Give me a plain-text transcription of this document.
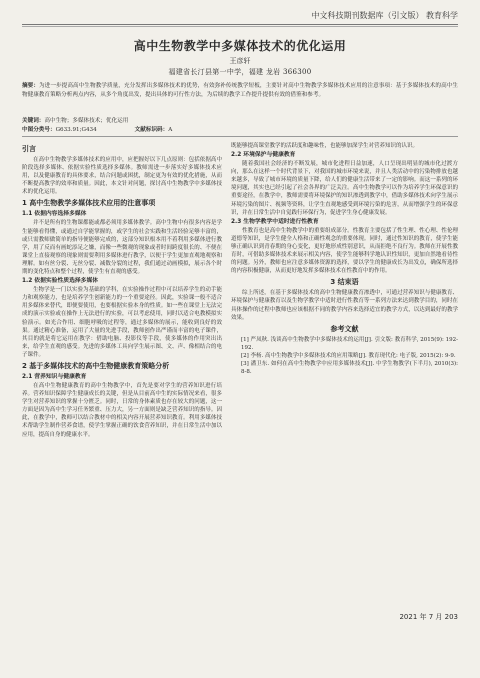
中文科技期刊数据库（引文版） 教育科学
高中生物教学中多媒体技术的优化运用
王彦轩
福建省长汀县第一中学，福建 龙岩 366300
摘要：为进一步提高高中生物教学质量，充分发挥出多媒体技术的优势，有效弥补传统教学短板，主要针对高中生物教学多媒体技术应用的注意事项：基于多媒体技术的高中生物健康教育策略分析两点内容，从多个角度出发，提出具体的可行性方法，为后续的教学工作提升提供有效的借鉴和参考。
关键词：高中生物；多媒体技术；优化运用
中图分类号：G633.91;G434	文献标识码：A
引言

在高中生物教学多媒体技术的应用中，应把握好以下几点原则：包括依据高中阶段选择多媒体、依据实验性质选择多媒体。教师需进一步落实好多媒体技术应用，以及健康教育的具体要求，结合问题或困扰，制定更为有效的优化措施，从而不断提高教学的效率和质量。因此，本文针对问题，探讨高中生物教学中多媒体技术的优化运用。

1 高中生物教学多媒体技术应用的注意事项
1.1 依据内容选择多媒体

并不是所有的生物课都能或都必须用多媒体教学。高中生物中有很多内容是学生能够看得懂，或通过自学能掌握的，或学生的社会实践和生活经验足够丰富的，或只需教师做简单的指导便能够完成的，这部分知识根本用不着利用多媒体进行教学，用了反而有画蛇添足之嫌，而像一些微观的现象或者时间跨度很长的、不便在课堂上直接观察的现象则需要利用多媒体进行教学，以便于学生更加直观地观察和理解。如有丝分裂、无丝分裂、减数分裂的过程，我们通过动画模拟，展示各个时期的变化特点和整个过程，使学生有直观的感受。

1.2 依据实验性质选择多媒体

生物学是一门以实验为基础的学科，在实验操作过程中可以培养学生的动手能力和观察能力，也是培养学生创新能力的一个重要途径。因此，实验课一般不适合用多媒体来替代，即便要使用，也要根据实验本身的性质。如一些在课堂上无法完成的演示实验或在操作上无法进行的实验，可以考虑使用，同时以适合电教模拟实验演示。如光合作用、细胞呼吸的过程等，通过多媒体的展示，能收到良好的效果。通过精心准备，运用了大量的先进手段，教师创作出严谨而丰富的电子课件，其目的就是将它运用在教学：借助电脑、投影仪等手段，使多媒体的作用突出出来，给学生直观的感受。先进的多媒体工具向学生展示图、文、声、像相结合的电子课件。

2 基于多媒体技术的高中生物健康教育策略分析
2.1 营养知识与健康教育

在高中生物健康教育的高中生物教学中，首先是要对学生的营养知识进行培养。营养知识保障学生健康成长的关键，但是从目前高中生的实际情况来看，很多学生对营养知识的掌握十分匮乏。同时，日常的身体素质也存在较大的问题，这一方面是因为高中生学习任务繁重、压力大，另一方面则是缺乏营养知识的指导。因此，在教学中，教师可以结合教材中的相关内容开展营养知识教育。利用多媒体技术帮助学生制作营养食谱，使学生掌握正确的饮食营养知识，并在日常生活中加以应用，提高自身的健康水平。

既能够提高课堂教学的活跃度和趣味性，也能够加深学生对营养知识的认识。

2.2 环境保护与健康教育

随着我国社会经济的不断发展，城市化进程日益加速，人口呈现出明显的城市化过渡方向，那么在这样一个时代背景下，对我国的城市环境来说，并且人类活动中的污染物排放也越来越多，导致了城市环境的质量下降，给人们的健康生活带来了一定的影响。而这一系列的环境问题，其实也已经引起了社会各界的广泛关注。高中生物教学可以作为培养学生环保意识的重要途径，在教学中，教师需要将环境保护的知识渗透到教学中，借助多媒体技术向学生展示环境污染的图片、视频等资料，让学生直观地感受到环境污染的危害，从而增强学生的环保意识，并在日常生活中自觉践行环保行为，促进学生身心健康发展。

2.3 生物学教学中适时进行性教育

性教育也是高中生物教学中的重要组成部分。性教育主要包括了性生理、性心理、性伦理道德等知识，是学生健全人格和正确性观念的重要体现。同时，通过性知识的教育，使学生能够正确认识到青春期的身心变化，更好地形成性别意识，从而拒绝不良行为。教师在开展性教育时，可借助多媒体技术来展示相关内容，使学生能够科学地认识性知识，更加自然地看待性的问题。另外，教师也应注意多媒体资源的选择，要以学生的健康成长为出发点，确保所选择的内容积极健康，从而更好地发挥多媒体技术在性教育中的作用。

3 结束语

综上所述，在基于多媒体技术的高中生物健康教育渗透中，可通过营养知识与健康教育、环境保护与健康教育以及生物学教学中适时进行性教育等一系列方法来达到教学目的，同时在具体操作的过程中教师也应该根据不同的教学内容来选择适宜的教学方式，以达到最好的教学效果。

参考文献

[1] 严凤秋. 浅谈高中生物教学中多媒体技术的运用[J]. 引文版: 教育科学, 2015(9): 192-192.

[2] 李杨. 高中生物教学中多媒体技术的应用策略[J]. 教育现代化: 电子版, 2015(2): 9-9.

[3] 潘卫东. 如何在高中生物教学中应用多媒体技术[J]. 中学生物教学(下半月), 2010(3): 8-8.

2021 年 7 月 203
